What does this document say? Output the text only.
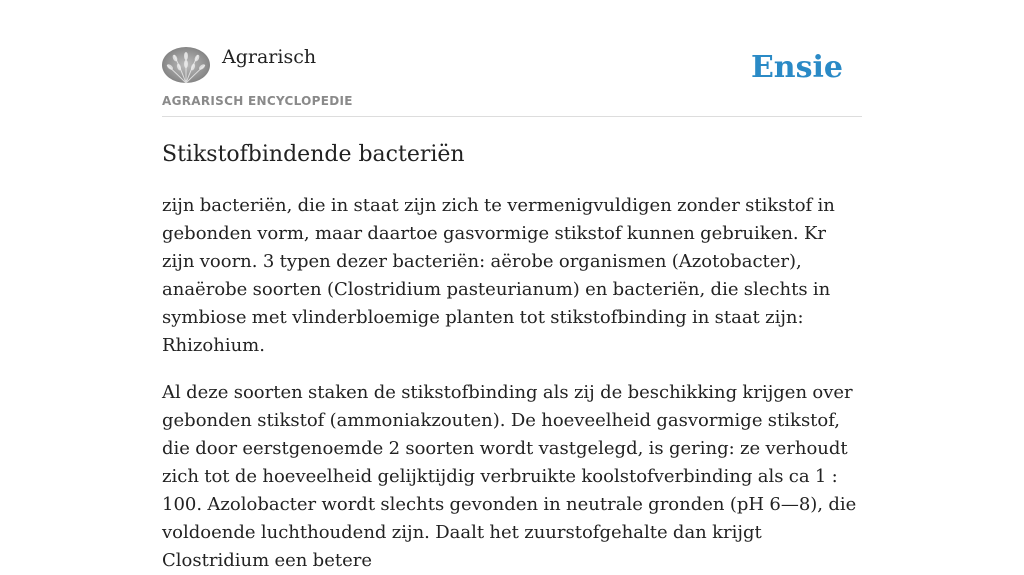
Agrarisch
AGRARISCH ENCYCLOPEDIE
Ensie
Stikstofbindende bacteriën

zijn bacteriën, die in staat zijn zich te vermenigvuldigen zonder stikstof in gebonden vorm, maar daartoe gasvormige stikstof kunnen gebruiken. Kr zijn voorn. 3 typen dezer bacteriën: aërobe organismen (Azotobacter), anaërobe soorten (Clostridium pasteurianum) en bacteriën, die slechts in symbiose met vlinderbloemige planten tot stikstofbinding in staat zijn: Rhizohium.

Al deze soorten staken de stikstofbinding als zij de beschikking krijgen over gebonden stikstof (ammoniakzouten). De hoeveelheid gasvormige stikstof, die door eerstgenoemde 2 soorten wordt vastgelegd, is gering: ze verhoudt zich tot de hoeveelheid gelijktijdig verbruikte koolstofverbinding als ca 1 : 100. Azolobacter wordt slechts gevonden in neutrale gronden (pH 6—8), die voldoende luchthoudend zijn. Daalt het zuurstofgehalte dan krijgt Clostridium een betere
